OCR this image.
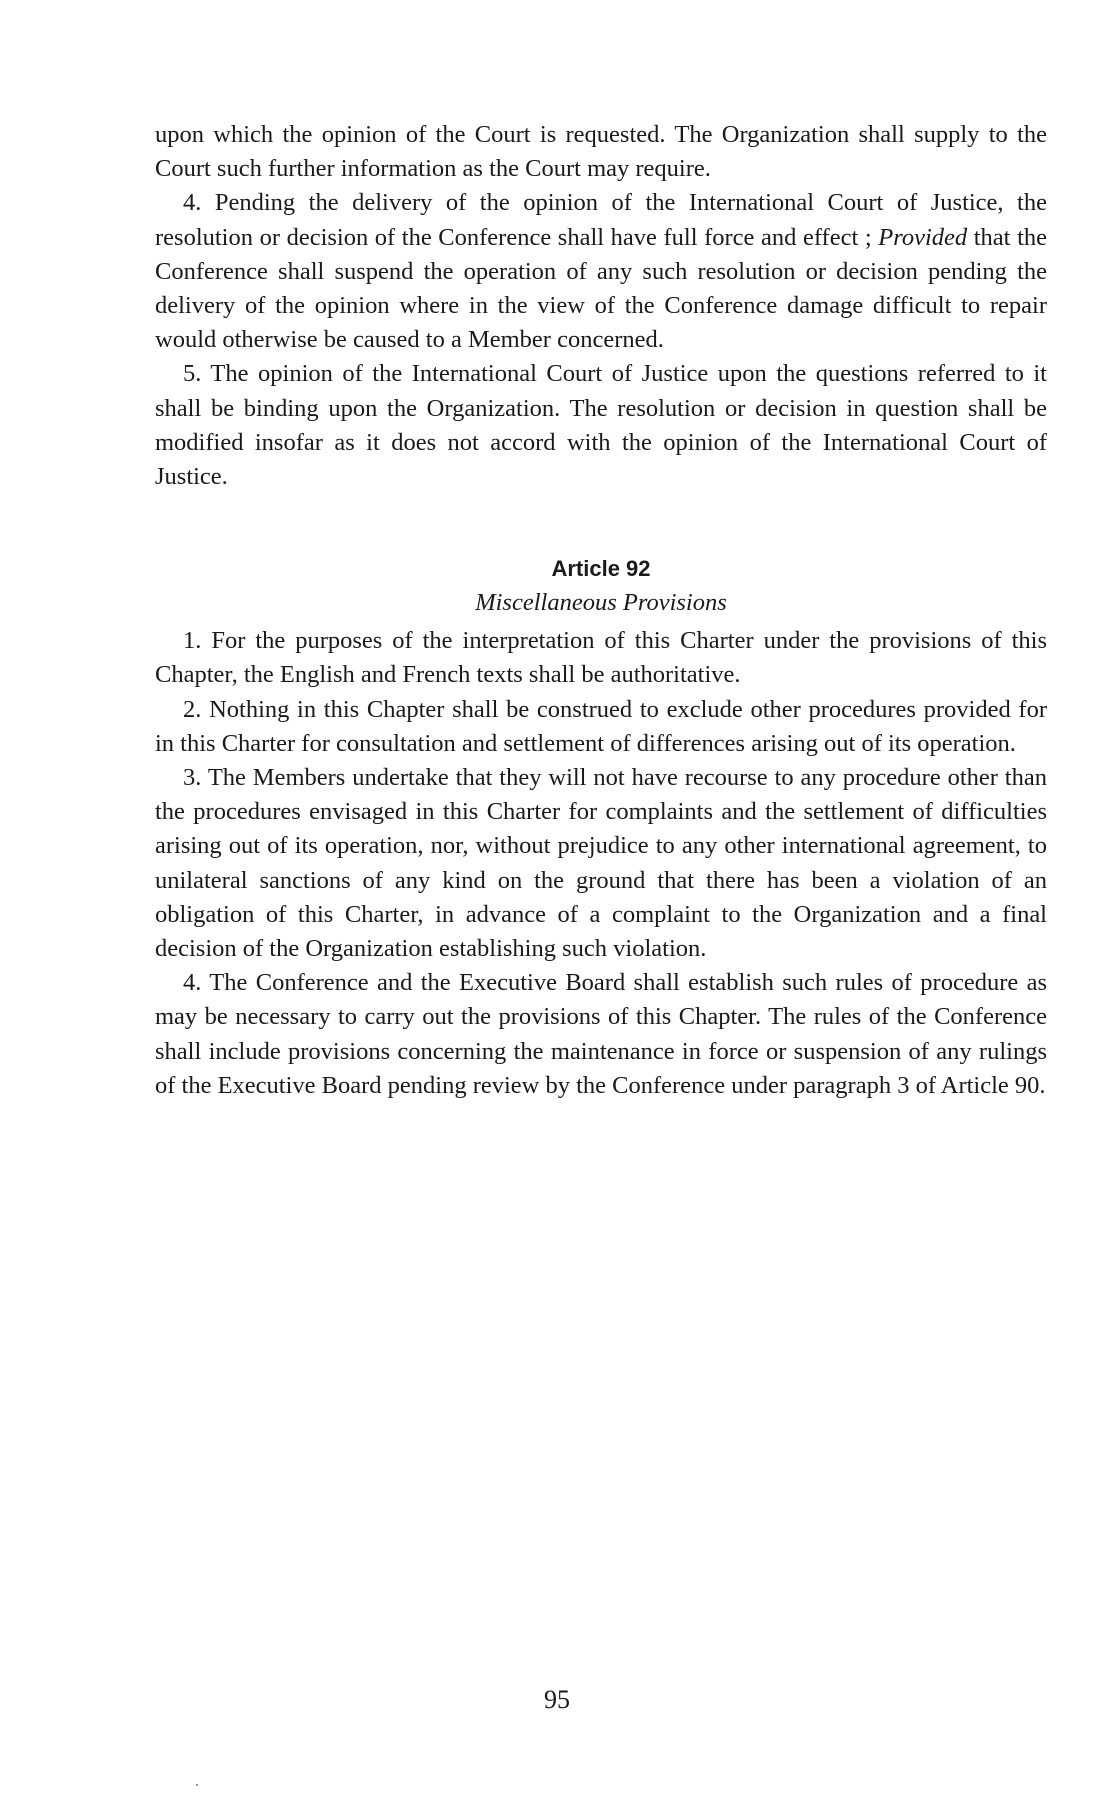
upon which the opinion of the Court is requested. The Organization shall supply to the Court such further information as the Court may require.

4. Pending the delivery of the opinion of the International Court of Justice, the resolution or decision of the Conference shall have full force and effect ; Provided that the Conference shall suspend the operation of any such resolution or decision pending the delivery of the opinion where in the view of the Conference damage difficult to repair would otherwise be caused to a Member concerned.

5. The opinion of the International Court of Justice upon the questions referred to it shall be binding upon the Organization. The resolution or decision in question shall be modified insofar as it does not accord with the opinion of the International Court of Justice.

Article 92
Miscellaneous Provisions

1. For the purposes of the interpretation of this Charter under the provisions of this Chapter, the English and French texts shall be authoritative.

2. Nothing in this Chapter shall be construed to exclude other procedures provided for in this Charter for consultation and settlement of differences arising out of its operation.

3. The Members undertake that they will not have recourse to any procedure other than the procedures envisaged in this Charter for complaints and the settlement of difficulties arising out of its operation, nor, without prejudice to any other international agreement, to unilateral sanctions of any kind on the ground that there has been a violation of an obligation of this Charter, in advance of a complaint to the Organization and a final decision of the Organization establishing such violation.

4. The Conference and the Executive Board shall establish such rules of procedure as may be necessary to carry out the provisions of this Chapter. The rules of the Conference shall include provisions concerning the maintenance in force or suspension of any rulings of the Executive Board pending review by the Conference under paragraph 3 of Article 90.

95
